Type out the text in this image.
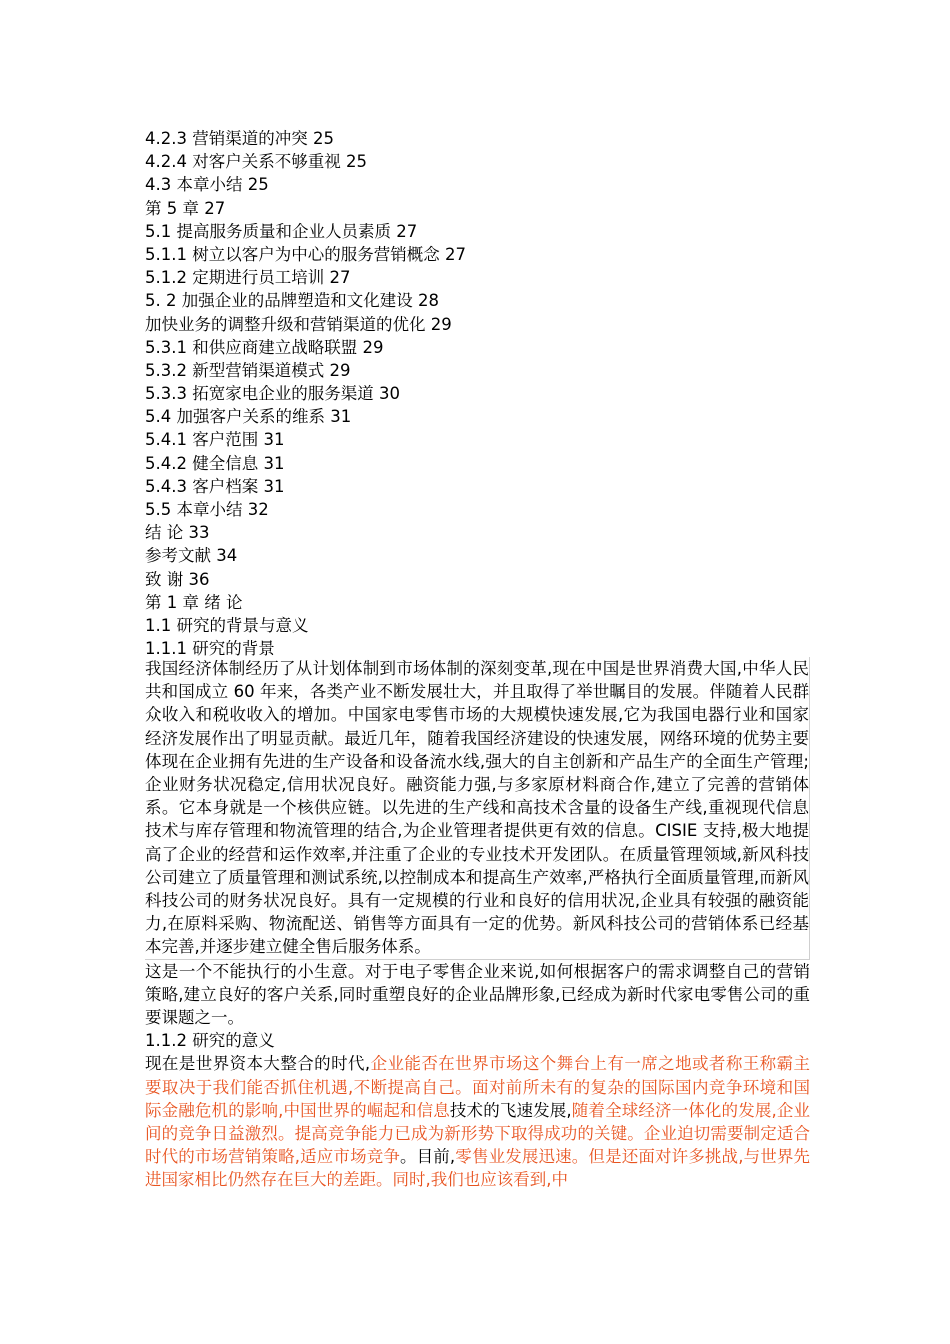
4.2.3 营销渠道的冲突 25
4.2.4 对客户关系不够重视 25
4.3 本章小结 25
第 5 章 27
5.1 提高服务质量和企业人员素质 27
5.1.1 树立以客户为中心的服务营销概念 27
5.1.2 定期进行员工培训 27
5. 2 加强企业的品牌塑造和文化建设 28
加快业务的调整升级和营销渠道的优化 29
5.3.1 和供应商建立战略联盟 29
5.3.2 新型营销渠道模式 29
5.3.3 拓宽家电企业的服务渠道 30
5.4 加强客户关系的维系 31
5.4.1 客户范围 31
5.4.2 健全信息 31
5.4.3 客户档案 31
5.5 本章小结 32
结 论 33
参考文献 34
致 谢 36
第 1 章 绪 论
1.1 研究的背景与意义
1.1.1 研究的背景

我国经济体制经历了从计划体制到市场体制的深刻变革,现在中国是世界消费大国,中华人民共和国成立 60 年来，各类产业不断发展壮大，并且取得了举世瞩目的发展。伴随着人民群众收入和税收收入的增加。中国家电零售市场的大规模快速发展,它为我国电器行业和国家经济发展作出了明显贡献。最近几年，随着我国经济建设的快速发展，网络环境的优势主要体现在企业拥有先进的生产设备和设备流水线,强大的自主创新和产品生产的全面生产管理;企业财务状况稳定,信用状况良好。融资能力强,与多家原材料商合作,建立了完善的营销体系。它本身就是一个核供应链。以先进的生产线和高技术含量的设备生产线,重视现代信息技术与库存管理和物流管理的结合,为企业管理者提供更有效的信息。CISIE 支持,极大地提高了企业的经营和运作效率,并注重了企业的专业技术开发团队。在质量管理领域,新风科技公司建立了质量管理和测试系统,以控制成本和提高生产效率,严格执行全面质量管理,而新风科技公司的财务状况良好。具有一定规模的行业和良好的信用状况,企业具有较强的融资能力,在原料采购、物流配送、销售等方面具有一定的优势。新风科技公司的营销体系已经基本完善,并逐步建立健全售后服务体系。

这是一个不能执行的小生意。对于电子零售企业来说,如何根据客户的需求调整自己的营销策略,建立良好的客户关系,同时重塑良好的企业品牌形象,已经成为新时代家电零售公司的重要课题之一。

1.1.2 研究的意义

现在是世界资本大整合的时代,企业能否在世界市场这个舞台上有一席之地或者称王称霸主要取决于我们能否抓住机遇,不断提高自己。面对前所未有的复杂的国际国内竞争环境和国际金融危机的影响,中国世界的崛起和信息技术的飞速发展,随着全球经济一体化的发展,企业间的竞争日益激烈。提高竞争能力已成为新形势下取得成功的关键。企业迫切需要制定适合时代的市场营销策略,适应市场竞争。目前,零售业发展迅速。但是还面对许多挑战,与世界先进国家相比仍然存在巨大的差距。同时,我们也应该看到,中
